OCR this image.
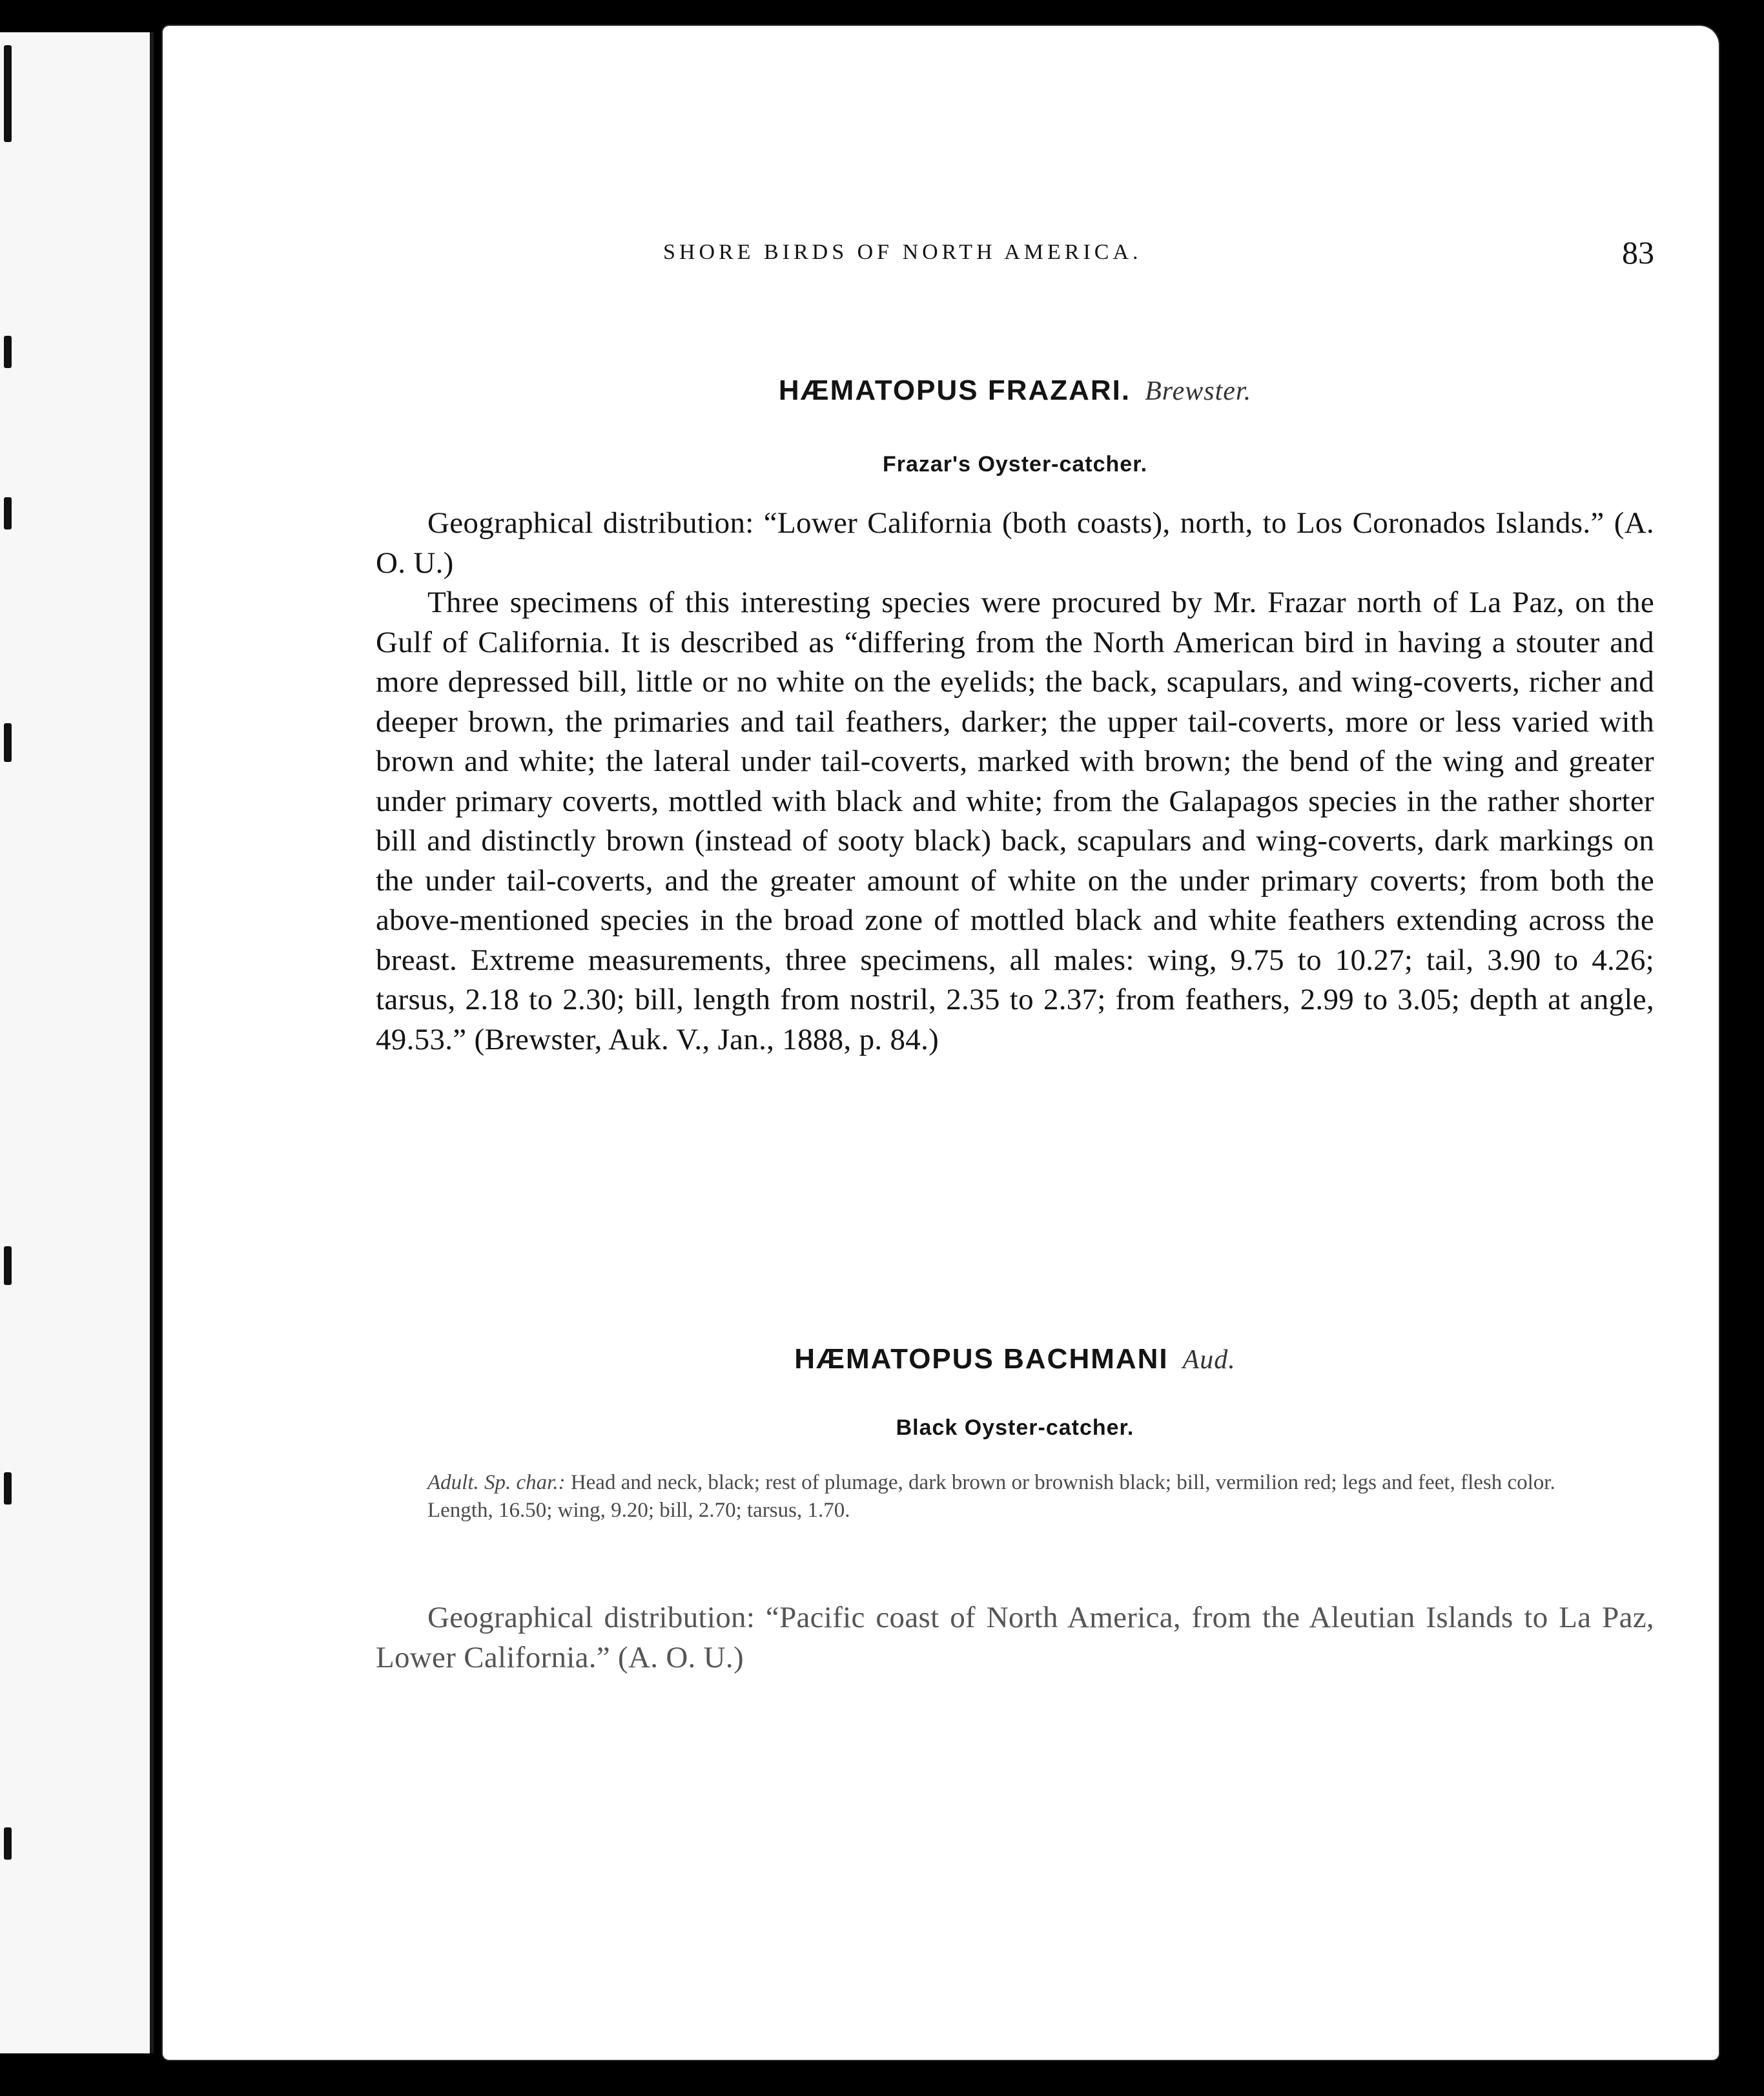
SHORE BIRDS OF NORTH AMERICA.	83
HÆMATOPUS FRAZARI. Brewster.
Frazar's Oyster-catcher.

Geographical distribution: “Lower California (both coasts), north, to Los Coronados Islands.” (A. O. U.)

Three specimens of this interesting species were procured by Mr. Frazar north of La Paz, on the Gulf of California. It is described as “differing from the North American bird in having a stouter and more depressed bill, little or no white on the eyelids; the back, scapulars, and wing-coverts, richer and deeper brown, the primaries and tail feathers, darker; the upper tail-coverts, more or less varied with brown and white; the lateral under tail-coverts, marked with brown; the bend of the wing and greater under primary coverts, mottled with black and white; from the Galapagos species in the rather shorter bill and distinctly brown (instead of sooty black) back, scapulars and wing-coverts, dark markings on the under tail-coverts, and the greater amount of white on the under primary coverts; from both the above-mentioned species in the broad zone of mottled black and white feathers extending across the breast. Extreme measurements, three specimens, all males: wing, 9.75 to 10.27; tail, 3.90 to 4.26; tarsus, 2.18 to 2.30; bill, length from nostril, 2.35 to 2.37; from feathers, 2.99 to 3.05; depth at angle, 49.53.” (Brewster, Auk. V., Jan., 1888, p. 84.)

HÆMATOPUS BACHMANI Aud.
Black Oyster-catcher.

Adult. Sp. char.: Head and neck, black; rest of plumage, dark brown or brownish black; bill, vermilion red; legs and feet, flesh color.

Length, 16.50; wing, 9.20; bill, 2.70; tarsus, 1.70.

Geographical distribution: “Pacific coast of North America, from the Aleutian Islands to La Paz, Lower California.” (A. O. U.)
